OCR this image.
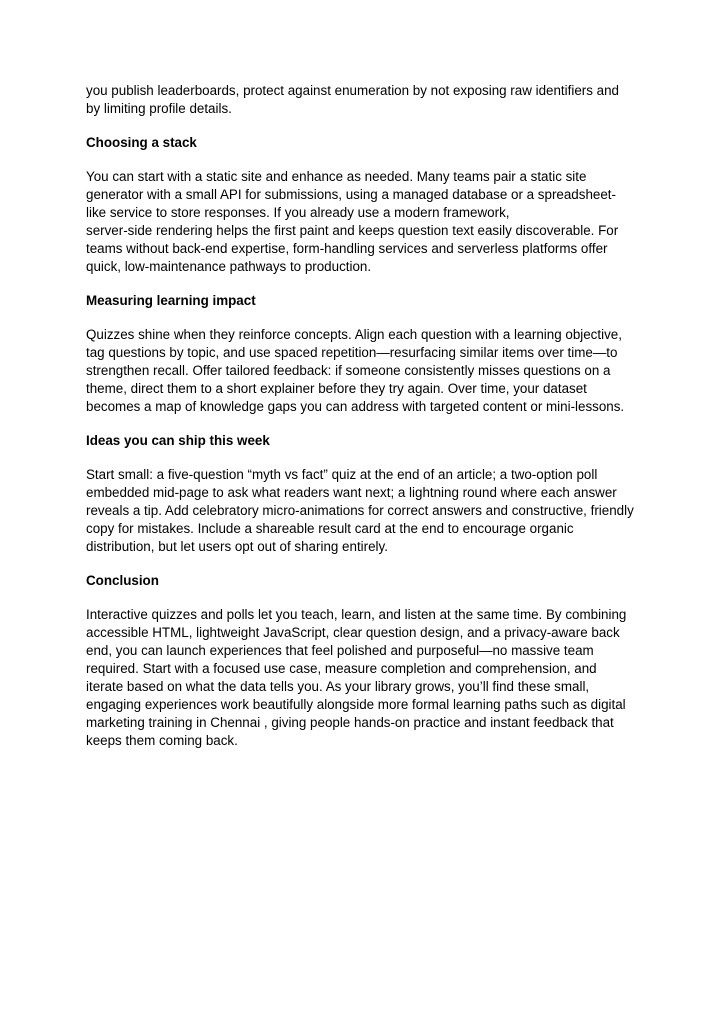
you publish leaderboards, protect against enumeration by not exposing raw identifiers and
by limiting profile details.

Choosing a stack

You can start with a static site and enhance as needed. Many teams pair a static site
generator with a small API for submissions, using a managed database or a spreadsheet-
like service to store responses. If you already use a modern framework,
server-side rendering helps the first paint and keeps question text easily discoverable. For
teams without back-end expertise, form-handling services and serverless platforms offer
quick, low-maintenance pathways to production.

Measuring learning impact

Quizzes shine when they reinforce concepts. Align each question with a learning objective,
tag questions by topic, and use spaced repetition—resurfacing similar items over time—to
strengthen recall. Offer tailored feedback: if someone consistently misses questions on a
theme, direct them to a short explainer before they try again. Over time, your dataset
becomes a map of knowledge gaps you can address with targeted content or mini-lessons.

Ideas you can ship this week

Start small: a five-question “myth vs fact” quiz at the end of an article; a two-option poll
embedded mid-page to ask what readers want next; a lightning round where each answer
reveals a tip. Add celebratory micro-animations for correct answers and constructive, friendly
copy for mistakes. Include a shareable result card at the end to encourage organic
distribution, but let users opt out of sharing entirely.

Conclusion

Interactive quizzes and polls let you teach, learn, and listen at the same time. By combining
accessible HTML, lightweight JavaScript, clear question design, and a privacy-aware back
end, you can launch experiences that feel polished and purposeful—no massive team
required. Start with a focused use case, measure completion and comprehension, and
iterate based on what the data tells you. As your library grows, you’ll find these small,
engaging experiences work beautifully alongside more formal learning paths such as digital
marketing training in Chennai , giving people hands-on practice and instant feedback that
keeps them coming back.
